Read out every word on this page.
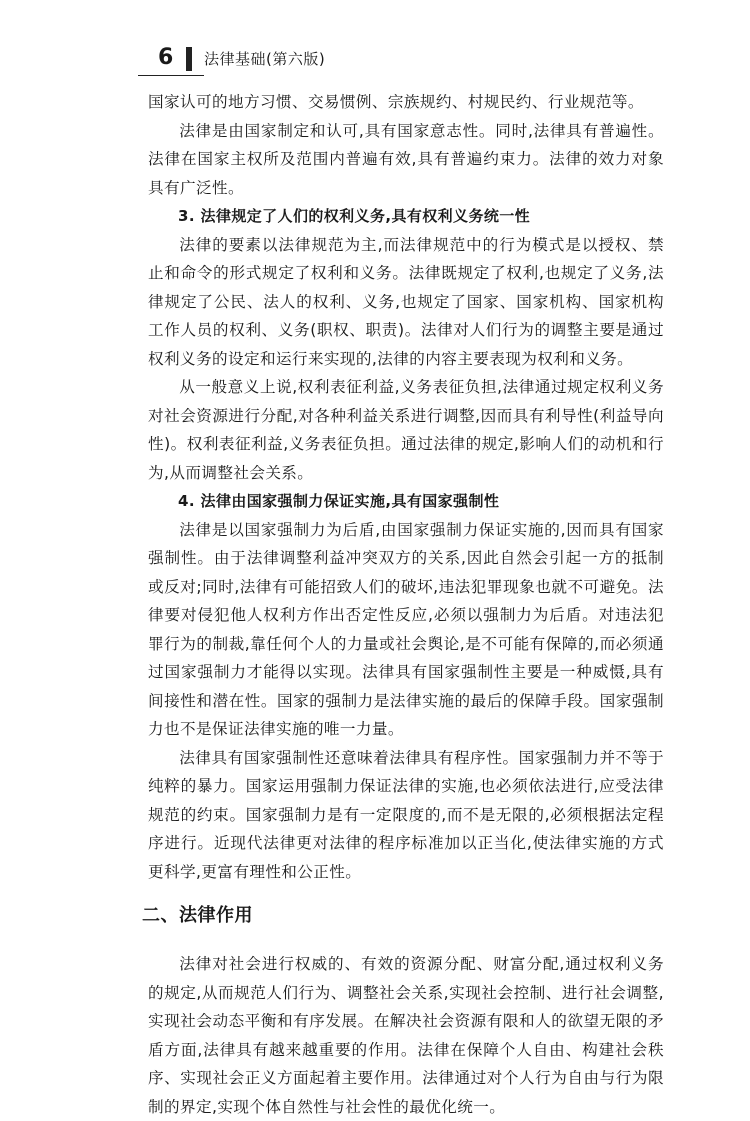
6 法律基础(第六版)

国家认可的地方习惯、交易惯例、宗族规约、村规民约、行业规范等。

法律是由国家制定和认可,具有国家意志性。同时,法律具有普遍性。法律在国家主权所及范围内普遍有效,具有普遍约束力。法律的效力对象具有广泛性。

3. 法律规定了人们的权利义务,具有权利义务统一性

法律的要素以法律规范为主,而法律规范中的行为模式是以授权、禁止和命令的形式规定了权利和义务。法律既规定了权利,也规定了义务,法律规定了公民、法人的权利、义务,也规定了国家、国家机构、国家机构工作人员的权利、义务(职权、职责)。法律对人们行为的调整主要是通过权利义务的设定和运行来实现的,法律的内容主要表现为权利和义务。

从一般意义上说,权利表征利益,义务表征负担,法律通过规定权利义务对社会资源进行分配,对各种利益关系进行调整,因而具有利导性(利益导向性)。权利表征利益,义务表征负担。通过法律的规定,影响人们的动机和行为,从而调整社会关系。

4. 法律由国家强制力保证实施,具有国家强制性

法律是以国家强制力为后盾,由国家强制力保证实施的,因而具有国家强制性。由于法律调整利益冲突双方的关系,因此自然会引起一方的抵制或反对;同时,法律有可能招致人们的破坏,违法犯罪现象也就不可避免。法律要对侵犯他人权利方作出否定性反应,必须以强制力为后盾。对违法犯罪行为的制裁,靠任何个人的力量或社会舆论,是不可能有保障的,而必须通过国家强制力才能得以实现。法律具有国家强制性主要是一种威慑,具有间接性和潜在性。国家的强制力是法律实施的最后的保障手段。国家强制力也不是保证法律实施的唯一力量。

法律具有国家强制性还意味着法律具有程序性。国家强制力并不等于纯粹的暴力。国家运用强制力保证法律的实施,也必须依法进行,应受法律规范的约束。国家强制力是有一定限度的,而不是无限的,必须根据法定程序进行。近现代法律更对法律的程序标准加以正当化,使法律实施的方式更科学,更富有理性和公正性。

二、法律作用

法律对社会进行权威的、有效的资源分配、财富分配,通过权利义务的规定,从而规范人们行为、调整社会关系,实现社会控制、进行社会调整,实现社会动态平衡和有序发展。在解决社会资源有限和人的欲望无限的矛盾方面,法律具有越来越重要的作用。法律在保障个人自由、构建社会秩序、实现社会正义方面起着主要作用。法律通过对个人行为自由与行为限制的界定,实现个体自然性与社会性的最优化统一。
